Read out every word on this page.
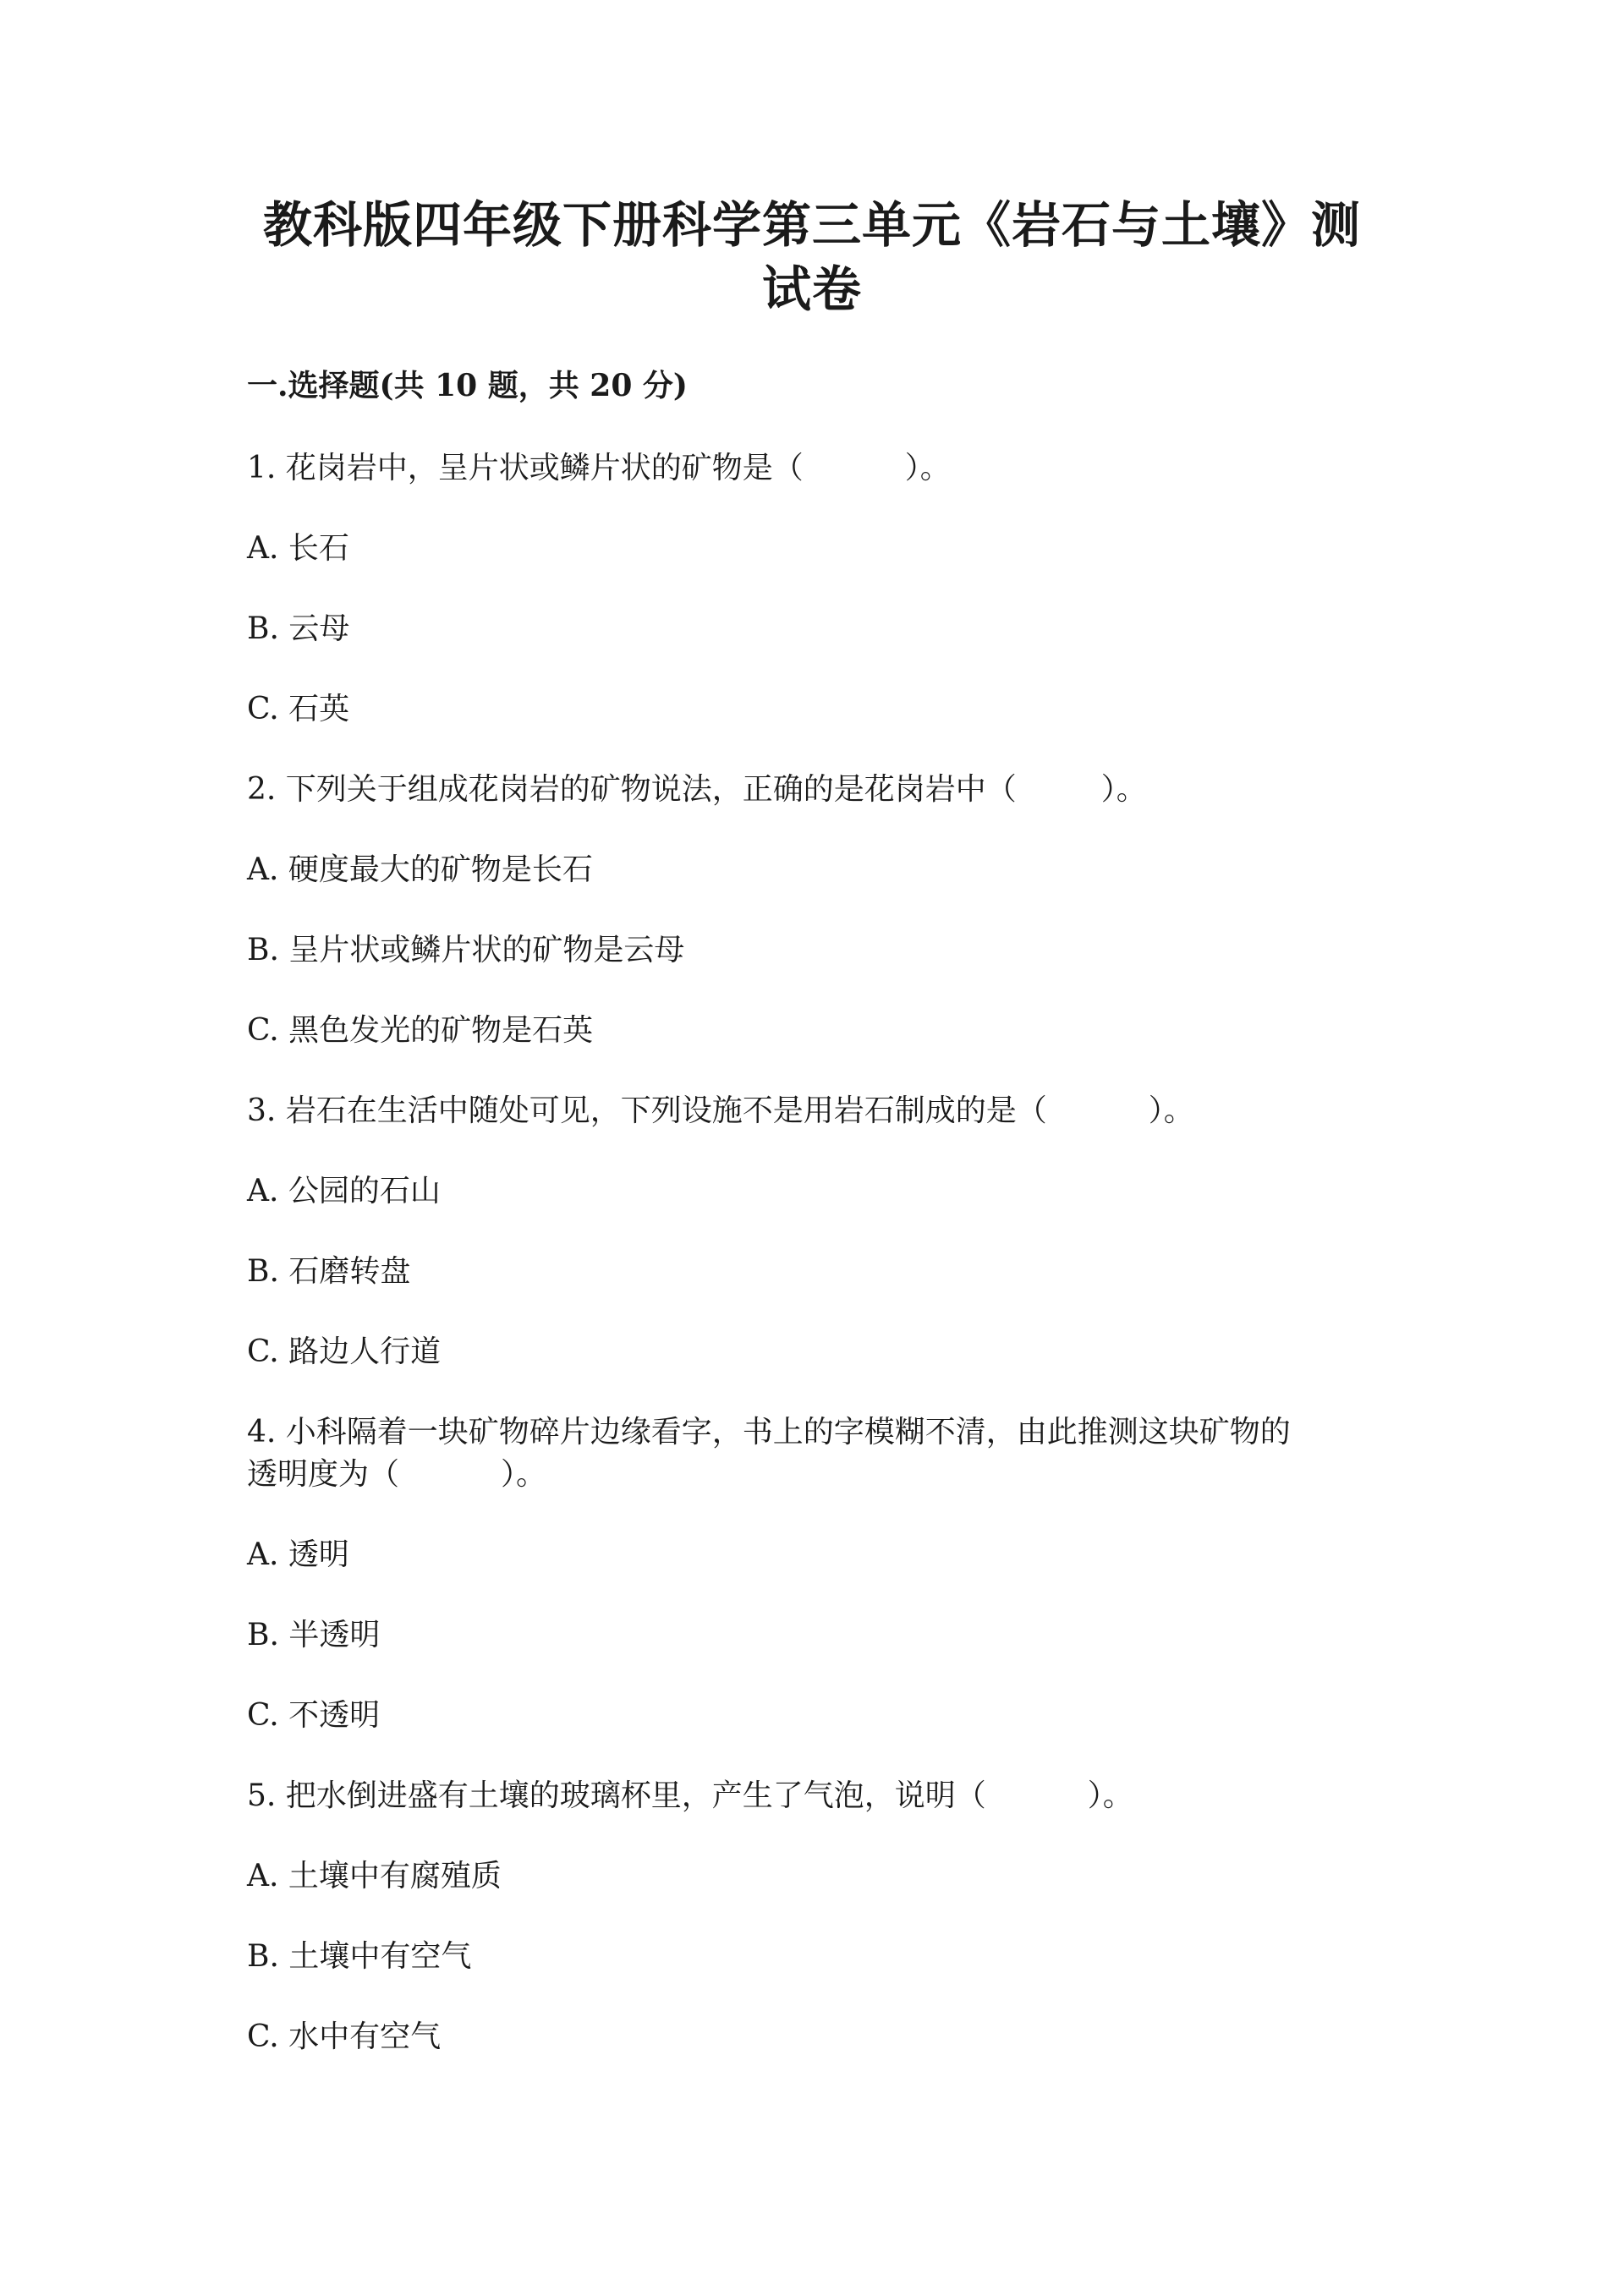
教科版四年级下册科学第三单元《岩石与土壤》测
试卷
一.选择题(共 10 题，共 20 分)
1. 花岗岩中，呈片状或鳞片状的矿物是（	）。
A. 长石
B. 云母
C. 石英
2. 下列关于组成花岗岩的矿物说法，正确的是花岗岩中（	）。
A. 硬度最大的矿物是长石
B. 呈片状或鳞片状的矿物是云母
C. 黑色发光的矿物是石英
3. 岩石在生活中随处可见，下列设施不是用岩石制成的是（	）。
A. 公园的石山
B. 石磨转盘
C. 路边人行道
4. 小科隔着一块矿物碎片边缘看字，书上的字模糊不清，由此推测这块矿物的
透明度为（	）。
A. 透明
B. 半透明
C. 不透明
5. 把水倒进盛有土壤的玻璃杯里，产生了气泡，说明（	）。
A. 土壤中有腐殖质
B. 土壤中有空气
C. 水中有空气
